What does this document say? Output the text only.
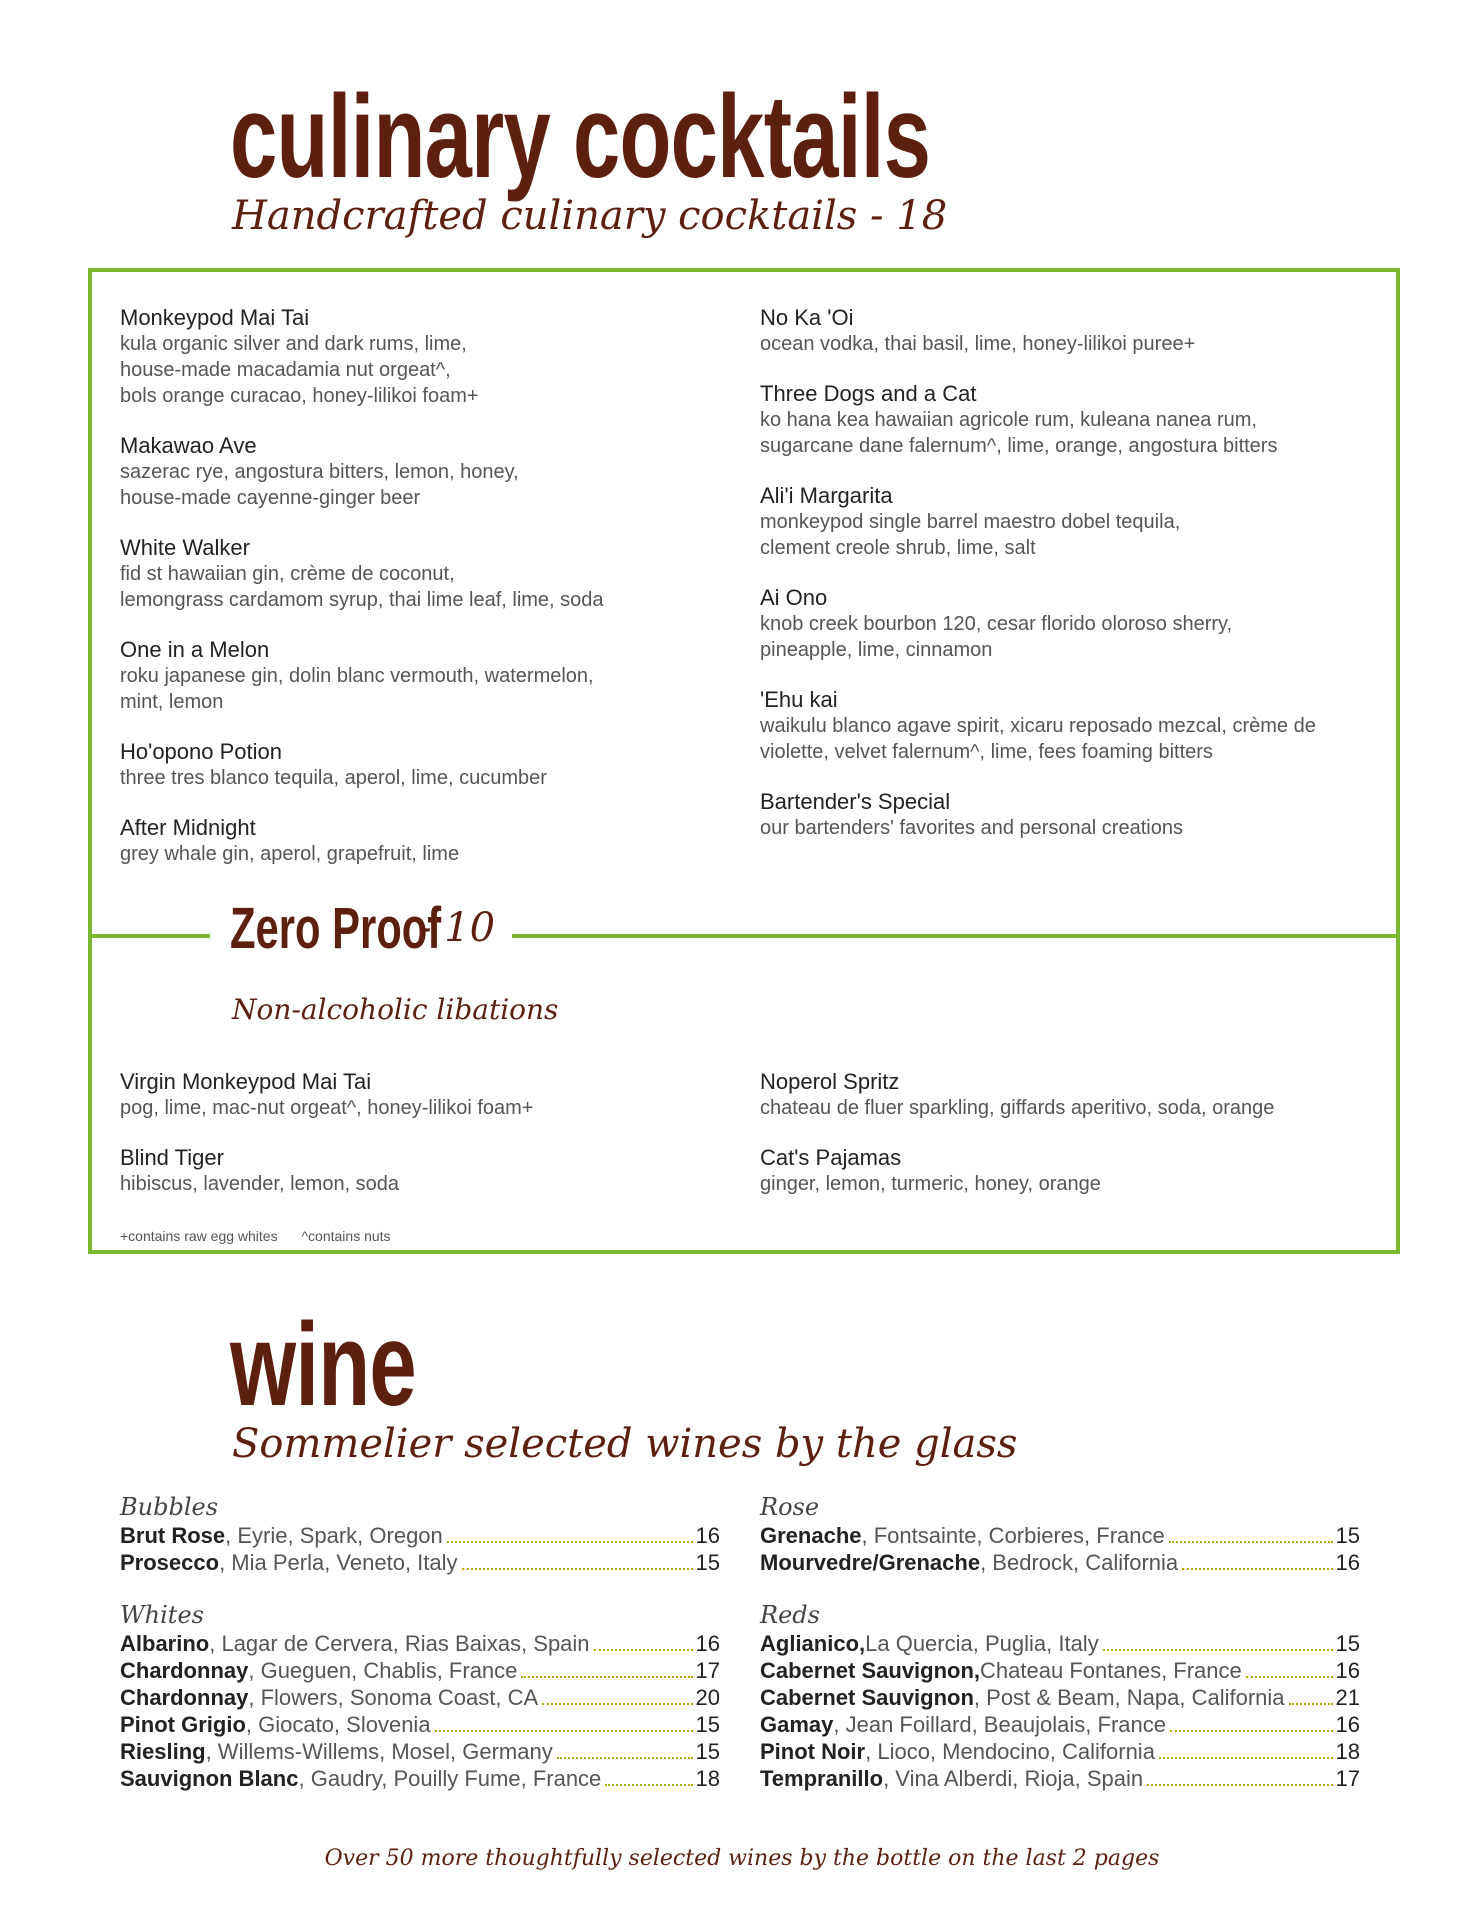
culinary cocktails
Handcrafted culinary cocktails - 18
Monkeypod Mai Tai
kula organic silver and dark rums, lime,
house-made macadamia nut orgeat^,
bols orange curacao, honey-lilikoi foam+
Makawao Ave
sazerac rye, angostura bitters, lemon, honey,
house-made cayenne-ginger beer
White Walker
fid st hawaiian gin, crème de coconut,
lemongrass cardamom syrup, thai lime leaf, lime, soda
One in a Melon
roku japanese gin, dolin blanc vermouth, watermelon,
mint, lemon
Ho'opono Potion
three tres blanco tequila, aperol, lime, cucumber
After Midnight
grey whale gin, aperol, grapefruit, lime
No Ka 'Oi
ocean vodka, thai basil, lime, honey-lilikoi puree+
Three Dogs and a Cat
ko hana kea hawaiian agricole rum, kuleana nanea rum,
sugarcane dane falernum^, lime, orange, angostura bitters
Ali'i Margarita
monkeypod single barrel maestro dobel tequila,
clement creole shrub, lime, salt
Ai Ono
knob creek bourbon 120, cesar florido oloroso sherry,
pineapple, lime, cinnamon
'Ehu kai
waikulu blanco agave spirit, xicaru reposado mezcal, crème de
violette, velvet falernum^, lime, fees foaming bitters
Bartender's Special
our bartenders' favorites and personal creations
Zero Proof
- 10
Non-alcoholic libations
Virgin Monkeypod Mai Tai
pog, lime, mac-nut orgeat^, honey-lilikoi foam+
Blind Tiger
hibiscus, lavender, lemon, soda
Noperol Spritz
chateau de fluer sparkling, giffards aperitivo, soda, orange
Cat's Pajamas
ginger, lemon, turmeric, honey, orange
+contains raw egg whites ^contains nuts
wine
Sommelier selected wines by the glass
Bubbles
Brut Rose , Eyrie, Spark, Oregon	16
Prosecco , Mia Perla, Veneto, Italy	15
Whites
Albarino , Lagar de Cervera, Rias Baixas, Spain	16
Chardonnay , Gueguen, Chablis, France	17
Chardonnay , Flowers, Sonoma Coast, CA	20
Pinot Grigio , Giocato, Slovenia	15
Riesling , Willems-Willems, Mosel, Germany	15
Sauvignon Blanc , Gaudry, Pouilly Fume, France	18
Rose
Grenache , Fontsainte, Corbieres, France	15
Mourvedre/Grenache , Bedrock, California	16
Reds
Aglianico, La Quercia, Puglia, Italy	15
Cabernet Sauvignon, Chateau Fontanes, France	16
Cabernet Sauvignon , Post & Beam, Napa, California 21
Gamay , Jean Foillard, Beaujolais, France	16
Pinot Noir , Lioco, Mendocino, California	18
Tempranillo , Vina Alberdi, Rioja, Spain	17
Over 50 more thoughtfully selected wines by the bottle on the last 2 pages
